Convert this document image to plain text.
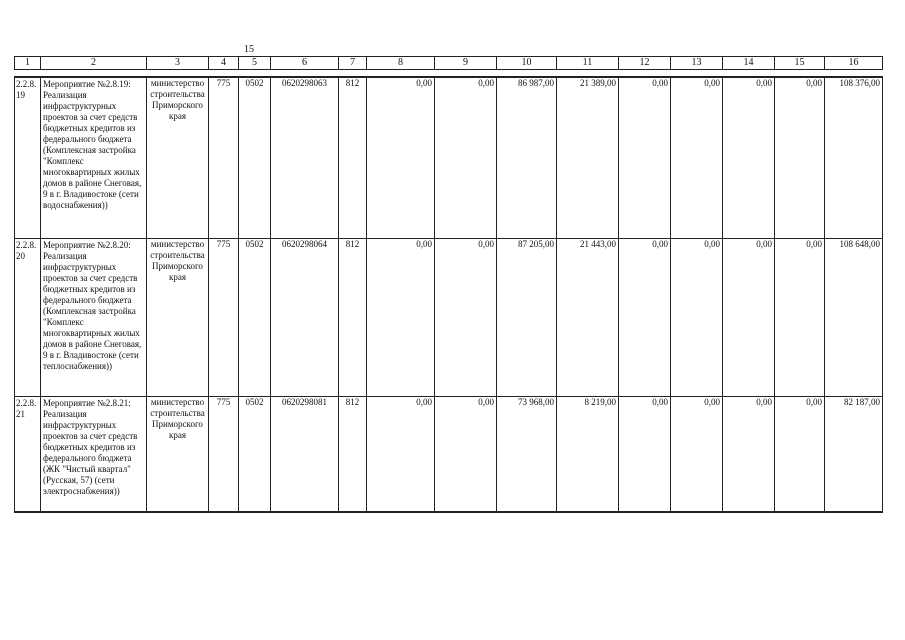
15
1	2	3	4	5	6	7	8	9	10	11	12	13	14	15	16
2.2.8.19	Мероприятие №2.8.19: Реализация инфраструктурных проектов за счет средств бюджетных кредитов из федерального бюджета (Комплексная застройка "Комплекс многоквартирных жилых домов в районе Снеговая, 9 в г. Владивостоке (сети водоснабжения))	министерство строительства Приморского края	775	0502	0620298063	812	0,00	0,00	86 987,00	21 389,00	0,00	0,00	0,00	0,00	108 376,00
2.2.8.20	Мероприятие №2.8.20: Реализация инфраструктурных проектов за счет средств бюджетных кредитов из федерального бюджета (Комплексная застройка "Комплекс многоквартирных жилых домов в районе Снеговая, 9 в г. Владивостоке (сети теплоснабжения))	министерство строительства Приморского края	775	0502	0620298064	812	0,00	0,00	87 205,00	21 443,00	0,00	0,00	0,00	0,00	108 648,00
2.2.8.21	Мероприятие №2.8.21: Реализация инфраструктурных проектов за счет средств бюджетных кредитов из федерального бюджета (ЖК "Чистый квартал" (Русская, 57) (сети электроснабжения))	министерство строительства Приморского края	775	0502	0620298081	812	0,00	0,00	73 968,00	8 219,00	0,00	0,00	0,00	0,00	82 187,00
